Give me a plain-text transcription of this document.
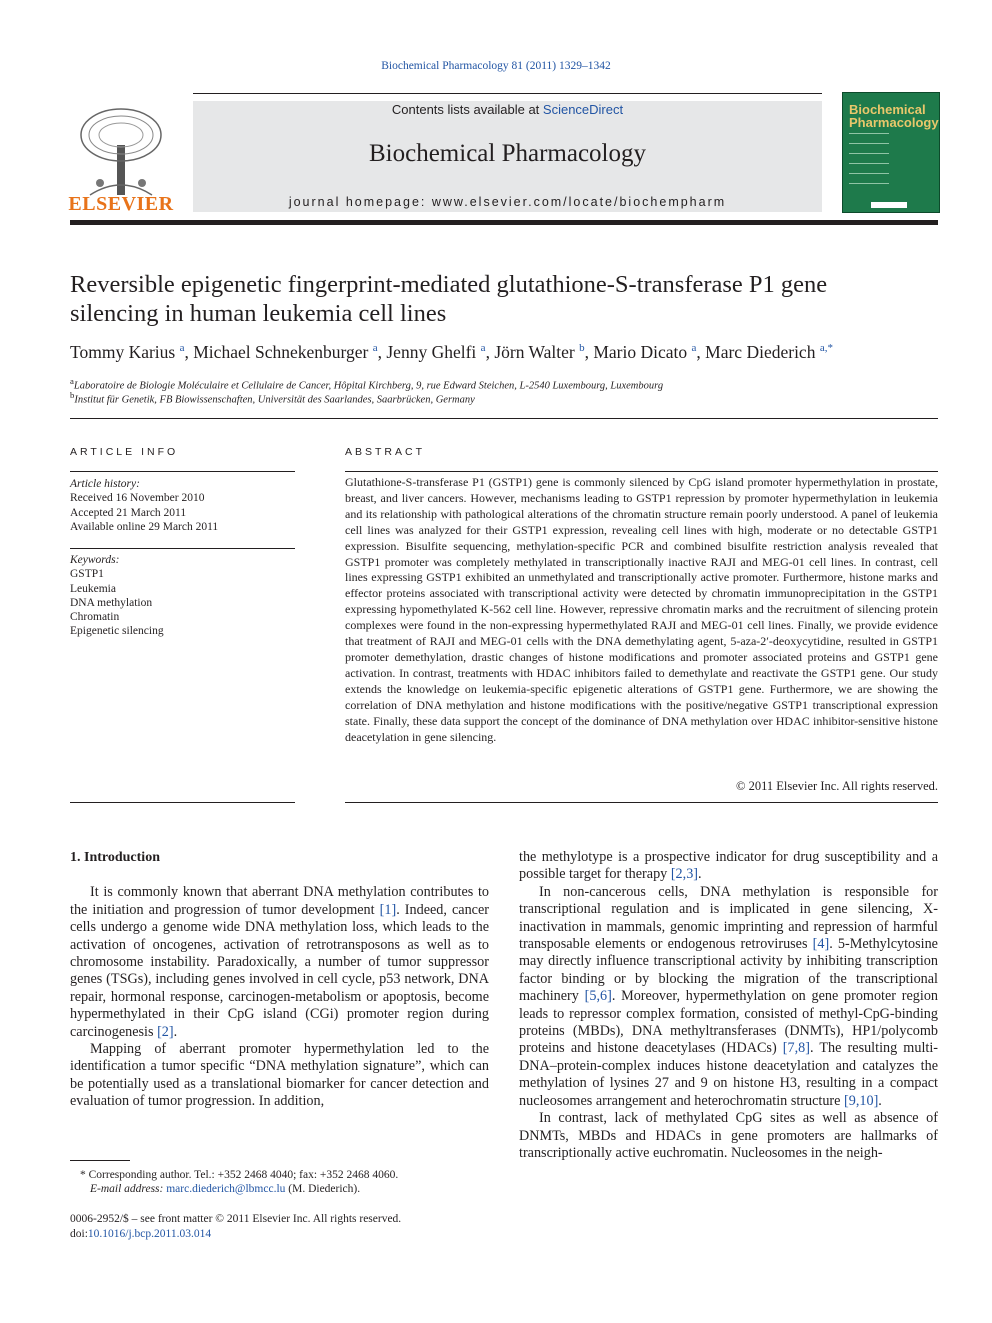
Biochemical Pharmacology 81 (2011) 1329–1342
ELSEVIER
Contents lists available at ScienceDirect
Biochemical Pharmacology
journal homepage: www.elsevier.com/locate/biochempharm
Biochemical
Pharmacology
Reversible epigenetic fingerprint-mediated glutathione-S-transferase P1 gene
silencing in human leukemia cell lines
Tommy Karius $^a$, Michael Schnekenburger $^a$, Jenny Ghelfi $^a$, Jörn Walter $^b$, Mario Dicato $^a$, Marc Diederich $^{a,*}$
$^a$Laboratoire de Biologie Moléculaire et Cellulaire de Cancer, Hôpital Kirchberg, 9, rue Edward Steichen, L-2540 Luxembourg, Luxembourg
$^b$Institut für Genetik, FB Biowissenschaften, Universität des Saarlandes, Saarbrücken, Germany
ARTICLE INFO
Article history:
Received 16 November 2010
Accepted 21 March 2011
Available online 29 March 2011
Keywords:
GSTP1
Leukemia
DNA methylation
Chromatin
Epigenetic silencing
ABSTRACT
Glutathione-S-transferase P1 (GSTP1) gene is commonly silenced by CpG island promoter hypermethylation in prostate, breast, and liver cancers. However, mechanisms leading to GSTP1 repression by promoter hypermethylation in leukemia and its relationship with pathological alterations of the chromatin structure remain poorly understood. A panel of leukemia cell lines was analyzed for their GSTP1 expression, revealing cell lines with high, moderate or no detectable GSTP1 expression. Bisulfite sequencing, methylation-specific PCR and combined bisulfite restriction analysis revealed that GSTP1 promoter was completely methylated in transcriptionally inactive RAJI and MEG-01 cell lines. In contrast, cell lines expressing GSTP1 exhibited an unmethylated and transcriptionally active promoter. Furthermore, histone marks and effector proteins associated with transcriptional activity were detected by chromatin immunoprecipitation in the GSTP1 expressing hypomethylated K-562 cell line. However, repressive chromatin marks and the recruitment of silencing protein complexes were found in the non-expressing hypermethylated RAJI and MEG-01 cell lines. Finally, we provide evidence that treatment of RAJI and MEG-01 cells with the DNA demethylating agent, 5-aza-2′-deoxycytidine, resulted in GSTP1 promoter demethylation, drastic changes of histone modifications and promoter associated proteins and GSTP1 gene activation. In contrast, treatments with HDAC inhibitors failed to demethylate and reactivate the GSTP1 gene. Our study extends the knowledge on leukemia-specific epigenetic alterations of GSTP1 gene. Furthermore, we are showing the correlation of DNA methylation and histone modifications with the positive/negative GSTP1 transcriptional expression state. Finally, these data support the concept of the dominance of DNA methylation over HDAC inhibitor-sensitive histone deacetylation in gene silencing.
© 2011 Elsevier Inc. All rights reserved.
1. Introduction

It is commonly known that aberrant DNA methylation contributes to the initiation and progression of tumor development [1]. Indeed, cancer cells undergo a genome wide DNA methylation loss, which leads to the activation of oncogenes, activation of retrotransposons as well as to chromosome instability. Paradoxically, a number of tumor suppressor genes (TSGs), including genes involved in cell cycle, p53 network, DNA repair, hormonal response, carcinogen-metabolism or apoptosis, become hypermethylated in their CpG island (CGi) promoter region during carcinogenesis [2].

Mapping of aberrant promoter hypermethylation led to the identification a tumor specific “DNA methylation signature”, which can be potentially used as a translational biomarker for cancer detection and evaluation of tumor progression. In addition,

the methylotype is a prospective indicator for drug susceptibility and a possible target for therapy [2,3].

In non-cancerous cells, DNA methylation is responsible for transcriptional regulation and is implicated in gene silencing, X-inactivation in mammals, genomic imprinting and repression of harmful transposable elements or endogenous retroviruses [4]. 5-Methylcytosine may directly influence transcriptional activity by inhibiting transcription factor binding or by blocking the migration of the transcriptional machinery [5,6]. Moreover, hypermethylation on gene promoter region leads to repressor complex formation, consisted of methyl-CpG-binding proteins (MBDs), DNA methyltransferases (DNMTs), HP1/polycomb proteins and histone deacetylases (HDACs) [7,8]. The resulting multi-DNA–protein-complex induces histone deacetylation and catalyzes the methylation of lysines 27 and 9 on histone H3, resulting in a compact nucleosomes arrangement and heterochromatin structure [9,10].

In contrast, lack of methylated CpG sites as well as absence of DNMTs, MBDs and HDACs in gene promoters are hallmarks of transcriptionally active euchromatin. Nucleosomes in the neigh-

* Corresponding author. Tel.: +352 2468 4040; fax: +352 2468 4060.
E-mail address: marc.diederich@lbmcc.lu (M. Diederich).
0006-2952/$ – see front matter © 2011 Elsevier Inc. All rights reserved.
doi:10.1016/j.bcp.2011.03.014
